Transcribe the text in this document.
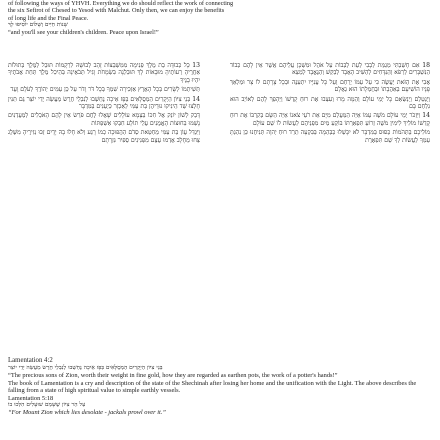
of following the ways of YHVH. Everything we do should reflect the work of connecting

the six Sefirot of Chesed to Yesod with Malchut. Only then, we can enjoy the benefits

of long life and the Final Peace.

שָׁנוֹת חַיִּים וְשָׁלוֹם יוֹסִיפוּ לָךְ

“and you'll see your children's children. Peace upon Israel!”

13 כָּל כְּבוּדָּה בַת מֶלֶךְ פְּנִימָה מִמִּשְׁבְּצוֹת זָהָב לְבוּשָׁהּ לִרְקָמוֹת תּוּבַל לַמֶּלֶךְ בְּתוּלוֹת אַחֲרֶיהָ רֵעוֹתֶיהָ מוּבָאוֹת לָךְ תּוּבַלְנָה בִּשְׂמָחֹת וָגִיל תְּבֹאֶינָה בְּהֵיכַל מֶלֶךְ תַּחַת אֲבֹתֶיךָ יִהְיוּ בָנֶיךָ

תְּשִׁיתֵמוֹ לְשָׂרִים בְּכָל הָאָרֶץ אַזְכִּירָה שִׁמְךָ בְּכָל דֹּר וָדֹר עַל כֵּן עַמִּים יְהוֹדֻךָ לְעֹלָם וָעֶד

14 בְּנֵי צִיּוֹן הַיְקָרִים הַמְסֻלָּאִים בַּפָּז אֵיכָה נֶחְשְׁבוּ לְנִבְלֵי חֶרֶשׂ מַעֲשֵׂה יְדֵי יוֹצֵר גַּם תַּנִּין חָלְצוּ שַׁד הֵינִיקוּ גּוּרֵיהֶן בַּת עַמִּי לְאַכְזָר כַּיְעֵנִים בַּמִּדְבָּר

דָּבַק לְשׁוֹן יוֹנֵק אֶל חִכּוֹ בַּצָּמָא עוֹלָלִים שָׁאֲלוּ לֶחֶם פֹּרֵשׂ אֵין לָהֶם הָאֹכְלִים לְמַעֲדַנִּים נָשַׁמּוּ בַּחוּצוֹת הָאֱמֻנִים עֲלֵי תוֹלָע חִבְּקוּ אַשְׁפַּתּוֹת

וַיִּגְדַּל עֲוֹן בַּת עַמִּי מֵחַטַּאת סְדֹם הַהֲפוּכָה כְמוֹ רָגַע וְלֹא חָלוּ בָהּ יָדָיִם זַכּוּ נְזִירֶיהָ מִשֶּׁלֶג צַחוּ מֵחָלָב אָדְמוּ עֶצֶם מִפְּנִינִים סַפִּיר גִּזְרָתָם

18 אִם חָשַׁבְתִּי מְגַמַּת לְבָבִי לְעֵת לַבְּבוֹת עַל אֹהֶל וּמִשְׁכָּן עֲלֵיהֶם אֲשֶׁר אֵין לָהֶם כְּבוֹד הַנִּשְׁבָּרִים לְרַפֹּא וְהַנִּדָּחִים לְהַשִּׁיב הָאָבָד לְבַקֵּשׁ וְהַנֶּאֱבָד לְמַצֵּא

אָבִי אֶת הַזֹּאת יַעֲשֶׂה כִּי עַל עַמּוֹ יְרַחֵם וְעַל כָּל עֲנִיָּיו יִתְעַנֶּה וּבְכָל צָרָתָם לוֹ צָר וּמַלְאַךְ פָּנָיו הוֹשִׁיעָם בְּאַהֲבָתוֹ וּבְחֶמְלָתוֹ הוּא גְאָלָם

וַיְנַטְּלֵם וַיְנַשְּׂאֵם כָּל יְמֵי עוֹלָם וְהֵמָּה מָרוּ וְעִצְּבוּ אֶת רוּחַ קָדְשׁוֹ וַיֵּהָפֵךְ לָהֶם לְאוֹיֵב הוּא נִלְחַם בָּם

14 וַיִּזְכֹּר יְמֵי עוֹלָם מֹשֶׁה עַמּוֹ אַיֵּה הַמַּעֲלֵם מִיָּם אֵת רֹעֵי צֹאנוֹ אַיֵּה הַשָּׂם בְּקִרְבּוֹ אֶת רוּחַ קָדְשׁוֹ מוֹלִיךְ לִימִין מֹשֶׁה זְרוֹעַ תִּפְאַרְתּוֹ בּוֹקֵעַ מַיִם מִפְּנֵיהֶם לַעֲשׂוֹת לוֹ שֵׁם עוֹלָם

מוֹלִיכָם בַּתְּהֹמוֹת כַּסּוּס בַּמִּדְבָּר לֹא יִכָּשֵׁלוּ כַּבְּהֵמָה בַּבִּקְעָה תֵרֵד רוּחַ יְהוָה תְּנִיחֶנּוּ כֵּן נִהַגְתָּ עַמְּךָ לַעֲשׂוֹת לְךָ שֵׁם תִּפְאָרֶת

Lamentation 4:2

בְּנֵי צִיּוֹן הַיְקָרִים הַמְסֻלָּאִים בַּפָּז אֵיכָה נֶחְשְׁבוּ לְנִבְלֵי חֶרֶשׂ מַעֲשֵׂה יְדֵי יוֹצֵר

“The precious sons of Zion, worth their weight in fine gold, how they are regarded as earthen pots, the work of a potter's hands!”

The book of Lamentation is a cry and description of the state of the Shechinah after losing her home and the unification with the Light. The above describes the falling from a state of high spiritual value to simple earthly vessels.

Lamentation 5:18

עַל הַר צִיּוֹן שֶׁשָּׁמֵם שׁוּעָלִים הִלְּכוּ בוֹ

“For Mount Zion which lies desolate - jackals prowl over it.”
